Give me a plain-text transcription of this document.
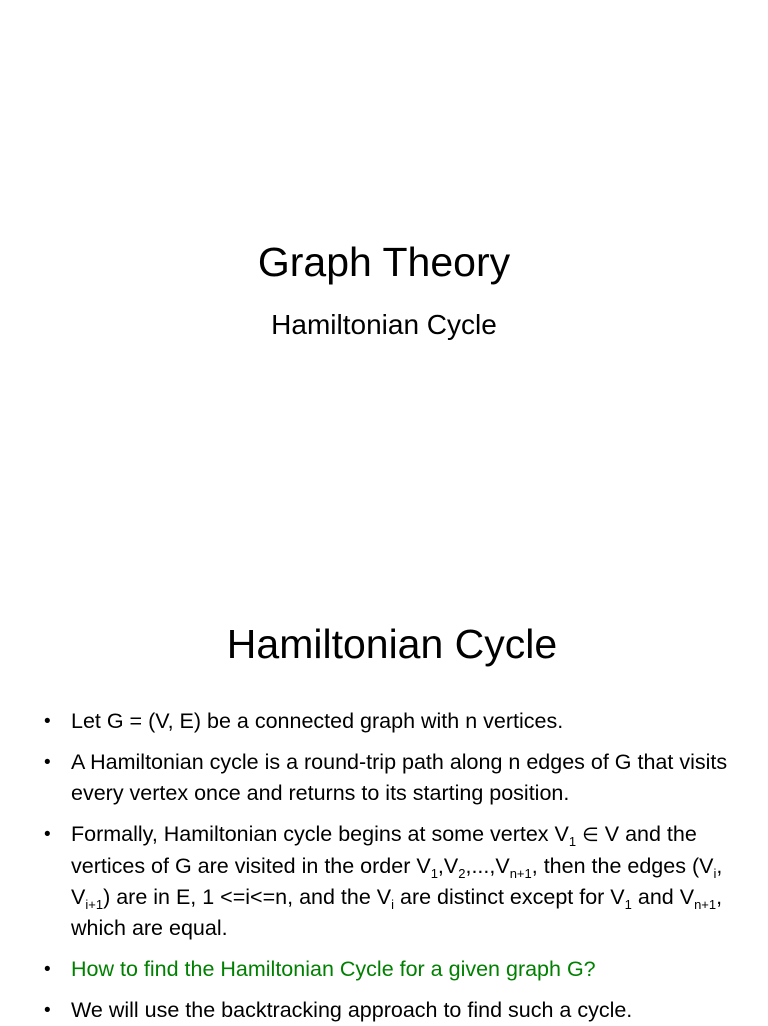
Graph Theory
Hamiltonian Cycle
Hamiltonian Cycle
• Let G = (V, E) be a connected graph with n vertices.
• A Hamiltonian cycle is a round-trip path along n edges of G that visits every vertex once and returns to its starting position.
• Formally, Hamiltonian cycle begins at some vertex $V_1$ ∈ V and the vertices of G are visited in the order $V_1,V_2,...,V_{n+1}$, then the edges ($V_i$, $V_{i+1}$) are in E, 1 <=i<=n, and the $V_i$ are distinct except for $V_1$ and $V_{n+1}$, which are equal.
• How to find the Hamiltonian Cycle for a given graph G?
• We will use the backtracking approach to find such a cycle.
